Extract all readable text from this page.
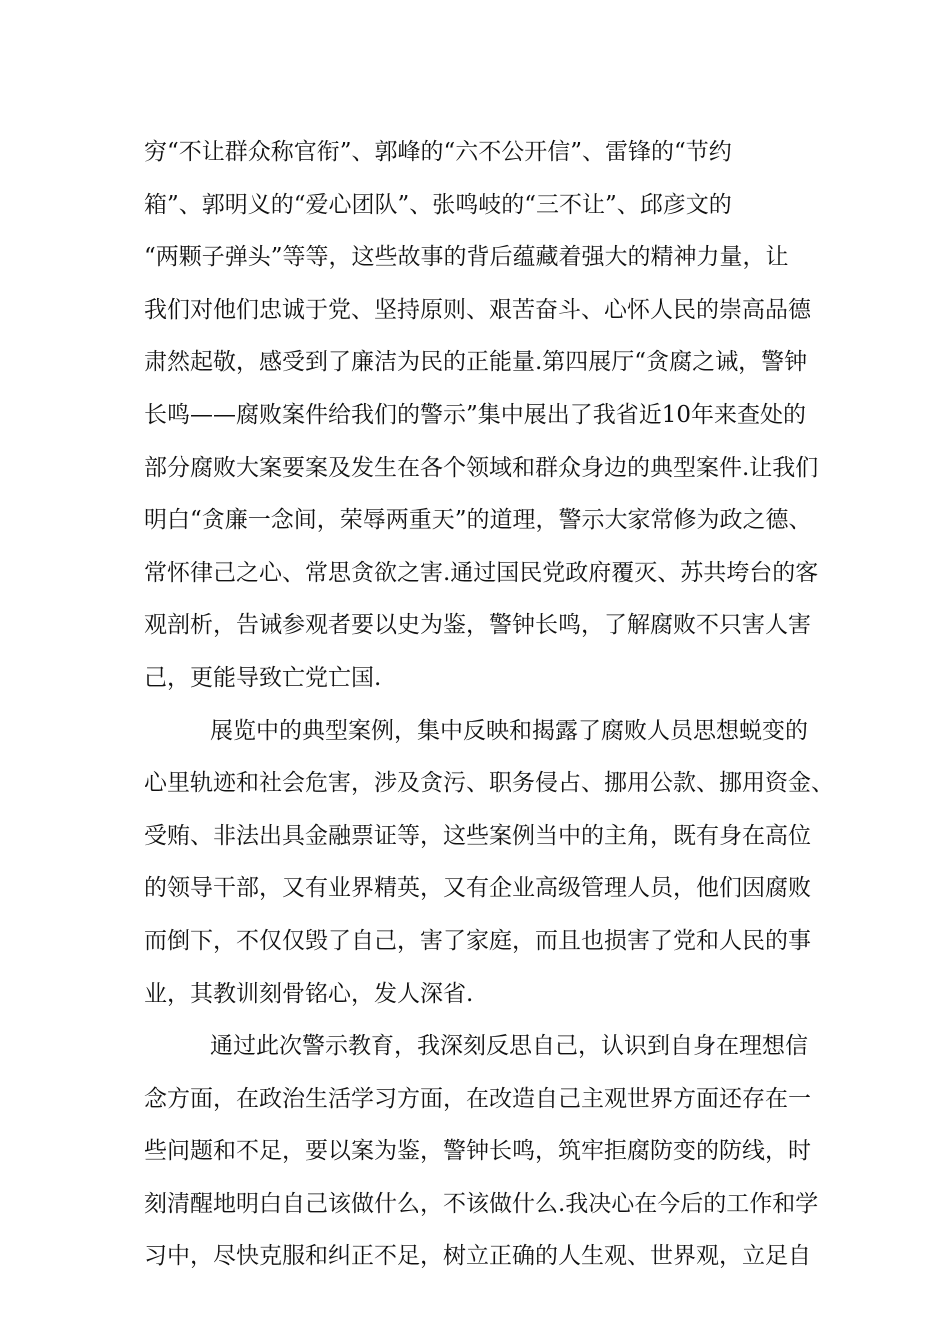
穷“不让群众称官衔”、郭峰的“六不公开信”、雷锋的“节约
箱”、郭明义的“爱心团队”、张鸣岐的“三不让”、邱彦文的
“两颗子弹头”等等，这些故事的背后蕴藏着强大的精神力量，让
我们对他们忠诚于党、坚持原则、艰苦奋斗、心怀人民的崇高品德
肃然起敬，感受到了廉洁为民的正能量.第四展厅“贪腐之诫，警钟
长鸣——腐败案件给我们的警示”集中展出了我省近10年来查处的
部分腐败大案要案及发生在各个领域和群众身边的典型案件.让我们
明白“贪廉一念间，荣辱两重天”的道理，警示大家常修为政之德、
常怀律己之心、常思贪欲之害.通过国民党政府覆灭、苏共垮台的客
观剖析，告诫参观者要以史为鉴，警钟长鸣，了解腐败不只害人害
己，更能导致亡党亡国.
展览中的典型案例，集中反映和揭露了腐败人员思想蜕变的
心里轨迹和社会危害，涉及贪污、职务侵占、挪用公款、挪用资金、
受贿、非法出具金融票证等，这些案例当中的主角，既有身在高位
的领导干部，又有业界精英，又有企业高级管理人员，他们因腐败
而倒下，不仅仅毁了自己，害了家庭，而且也损害了党和人民的事
业，其教训刻骨铭心，发人深省.
通过此次警示教育，我深刻反思自己，认识到自身在理想信
念方面，在政治生活学习方面，在改造自己主观世界方面还存在一
些问题和不足，要以案为鉴，警钟长鸣，筑牢拒腐防变的防线，时
刻清醒地明白自己该做什么，不该做什么.我决心在今后的工作和学
习中，尽快克服和纠正不足，树立正确的人生观、世界观，立足自
